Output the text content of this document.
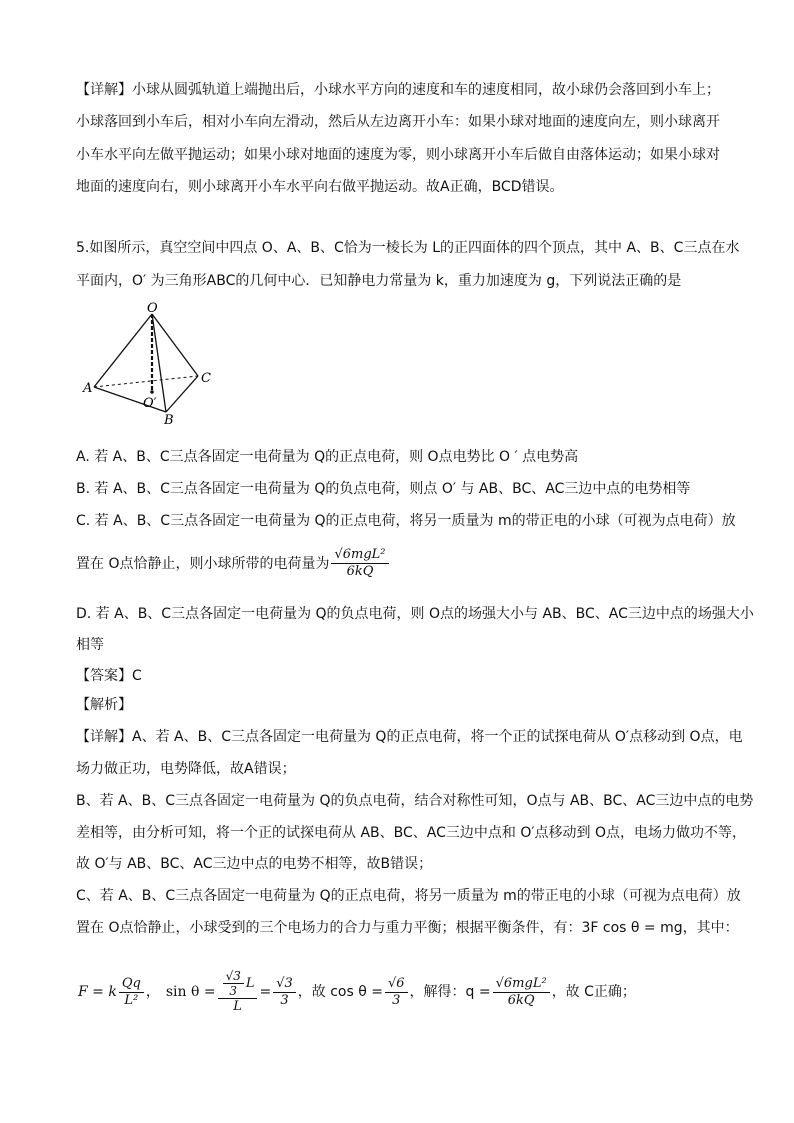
【详解】小球从圆弧轨道上端抛出后，小球水平方向的速度和车的速度相同，故小球仍会落回到小车上；
小球落回到小车后，相对小车向左滑动，然后从左边离开小车：如果小球对地面的速度向左，则小球离开
小车水平向左做平抛运动；如果小球对地面的速度为零，则小球离开小车后做自由落体运动；如果小球对
地面的速度向右，则小球离开小车水平向右做平抛运动。故A正确，BCD错误。
5.如图所示，真空空间中四点 O、A、B、C恰为一棱长为 L的正四面体的四个顶点，其中 A、B、C三点在水
平面内，O′ 为三角形ABC的几何中心．已知静电力常量为 k，重力加速度为 g，下列说法正确的是
O
A
C
B
O′
A. 若 A、B、C三点各固定一电荷量为 Q的正点电荷，则 O点电势比 O ′ 点电势高
B. 若 A、B、C三点各固定一电荷量为 Q的负点电荷，则点 O′ 与 AB、BC、AC三边中点的电势相等
C. 若 A、B、C三点各固定一电荷量为 Q的正点电荷，将另一质量为 m的带正电的小球（可视为点电荷）放
置在 O点恰静止，则小球所带的电荷量为 $\frac{\text{√6mgL²}}{6kQ}$
D. 若 A、B、C三点各固定一电荷量为 Q的负点电荷，则 O点的场强大小与 AB、BC、AC三边中点的场强大小
相等
【答案】C
【解析】
【详解】A、若 A、B、C三点各固定一电荷量为 Q的正点电荷，将一个正的试探电荷从 O′点移动到 O点，电
场力做正功，电势降低，故A错误；
B、若 A、B、C三点各固定一电荷量为 Q的负点电荷，结合对称性可知，O点与 AB、BC、AC三边中点的电势
差相等，由分析可知，将一个正的试探电荷从 AB、BC、AC三边中点和 O′点移动到 O点，电场力做功不等，
故 O′与 AB、BC、AC三边中点的电势不相等，故B错误；
C、若 A、B、C三点各固定一电荷量为 Q的正点电荷，将另一质量为 m的带正电的小球（可视为点电荷）放
置在 O点恰静止，小球受到的三个电场力的合力与重力平衡；根据平衡条件，有：3F cos θ = mg，其中：
F = k $\frac{Qq}{\text{L²}}$ ， $\sin \theta = \frac{\frac{√3}{3} L}{L} = \frac{√3}{3}$ ，故 $\cos \theta = \frac{√6}{3}$ ，解得：$q = \frac{\text{√6mgL²}}{6kQ}$ ，故 C正确；
